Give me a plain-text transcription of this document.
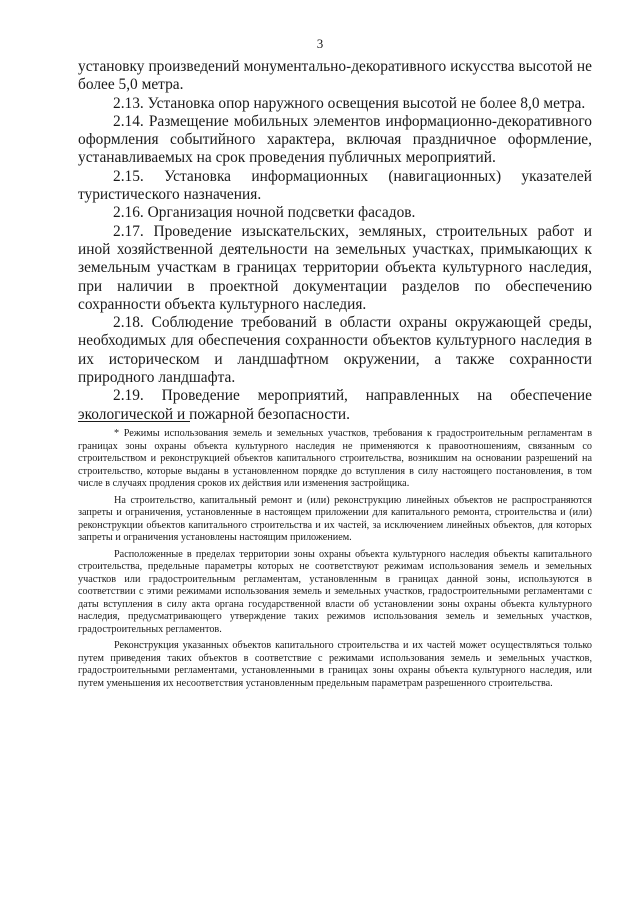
3

установку произведений монументально-декоративного искусства высотой не более 5,0 метра.

2.13. Установка опор наружного освещения высотой не более 8,0 метра.

2.14. Размещение мобильных элементов информационно-декоративного оформления событийного характера, включая праздничное оформление, устанавливаемых на срок проведения публичных мероприятий.

2.15. Установка информационных (навигационных) указателей туристического назначения.

2.16. Организация ночной подсветки фасадов.

2.17. Проведение изыскательских, земляных, строительных работ и иной хозяйственной деятельности на земельных участках, примыкающих к земельным участкам в границах территории объекта культурного наследия, при наличии в проектной документации разделов по обеспечению сохранности объекта культурного наследия.

2.18. Соблюдение требований в области охраны окружающей среды, необходимых для обеспечения сохранности объектов культурного наследия в их историческом и ландшафтном окружении, а также сохранности природного ландшафта.

2.19. Проведение мероприятий, направленных на обеспечение экологической и пожарной безопасности.

* Режимы использования земель и земельных участков, требования к градостроительным регламентам в границах зоны охраны объекта культурного наследия не применяются к правоотношениям, связанным со строительством и реконструкцией объектов капитального строительства, возникшим на основании разрешений на строительство, которые выданы в установленном порядке до вступления в силу настоящего постановления, в том числе в случаях продления сроков их действия или изменения застройщика.

На строительство, капитальный ремонт и (или) реконструкцию линейных объектов не распространяются запреты и ограничения, установленные в настоящем приложении для капитального ремонта, строительства и (или) реконструкции объектов капитального строительства и их частей, за исключением линейных объектов, для которых запреты и ограничения установлены настоящим приложением.

Расположенные в пределах территории зоны охраны объекта культурного наследия объекты капитального строительства, предельные параметры которых не соответствуют режимам использования земель и земельных участков или градостроительным регламентам, установленным в границах данной зоны, используются в соответствии с этими режимами использования земель и земельных участков, градостроительными регламентами с даты вступления в силу акта органа государственной власти об установлении зоны охраны объекта культурного наследия, предусматривающего утверждение таких режимов использования земель и земельных участков, градостроительных регламентов.

Реконструкция указанных объектов капитального строительства и их частей может осуществляться только путем приведения таких объектов в соответствие с режимами использования земель и земельных участков, градостроительными регламентами, установленными в границах зоны охраны объекта культурного наследия, или путем уменьшения их несоответствия установленным предельным параметрам разрешенного строительства.
